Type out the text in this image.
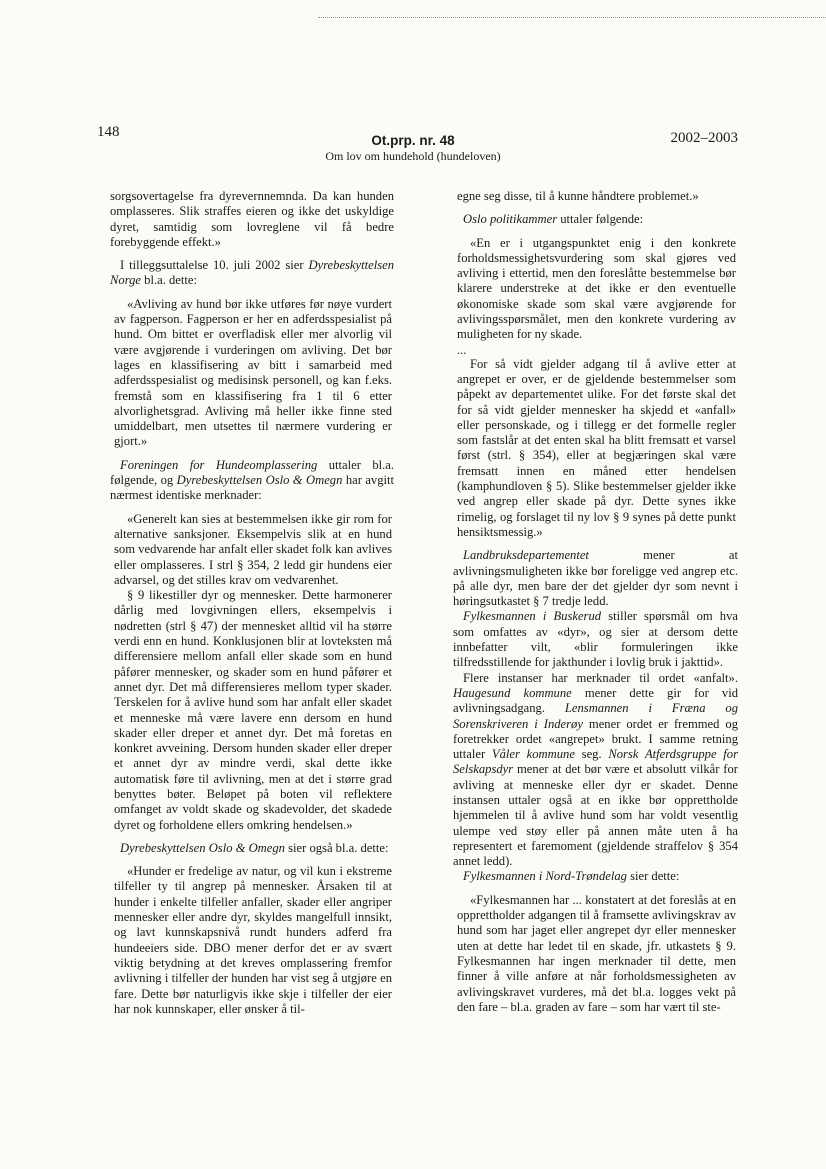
148
Ot.prp. nr. 48
Om lov om hundehold (hundeloven)
2002–2003

sorgsovertagelse fra dyrevernnemnda. Da kan hunden omplasseres. Slik straffes eieren og ikke det uskyldige dyret, samtidig som lovreglene vil få bedre forebyggende effekt.»

I tilleggsuttalelse 10. juli 2002 sier Dyrebeskyttelsen Norge bl.a. dette:

«Avliving av hund bør ikke utføres før nøye vurdert av fagperson. Fagperson er her en adferdsspesialist på hund. Om bittet er overfladisk eller mer alvorlig vil være avgjørende i vurderingen om avliving. Det bør lages en klassifisering av bitt i samarbeid med adferdsspesialist og medisinsk personell, og kan f.eks. fremstå som en klassifisering fra 1 til 6 etter alvorlighetsgrad. Avliving må heller ikke finne sted umiddelbart, men utsettes til nærmere vurdering er gjort.»

Foreningen for Hundeomplassering uttaler bl.a. følgende, og Dyrebeskyttelsen Oslo & Omegn har avgitt nærmest identiske merknader:

«Generelt kan sies at bestemmelsen ikke gir rom for alternative sanksjoner. Eksempelvis slik at en hund som vedvarende har anfalt eller skadet folk kan avlives eller omplasseres. I strl § 354, 2 ledd gir hundens eier advarsel, og det stilles krav om vedvarenhet.

§ 9 likestiller dyr og mennesker. Dette harmonerer dårlig med lovgivningen ellers, eksempelvis i nødretten (strl § 47) der mennesket alltid vil ha større verdi enn en hund. Konklusjonen blir at lovteksten må differensiere mellom anfall eller skade som en hund påfører mennesker, og skader som en hund påfører et annet dyr. Det må differensieres mellom typer skader. Terskelen for å avlive hund som har anfalt eller skadet et menneske må være lavere enn dersom en hund skader eller dreper et annet dyr. Det må foretas en konkret avveining. Dersom hunden skader eller dreper et annet dyr av mindre verdi, skal dette ikke automatisk føre til avlivning, men at det i større grad benyttes bøter. Beløpet på boten vil reflektere omfanget av voldt skade og skadevolder, det skadede dyret og forholdene ellers omkring hendelsen.»

Dyrebeskyttelsen Oslo & Omegn sier også bl.a. dette:

«Hunder er fredelige av natur, og vil kun i ekstreme tilfeller ty til angrep på mennesker. Årsaken til at hunder i enkelte tilfeller anfaller, skader eller angriper mennesker eller andre dyr, skyldes mangelfull innsikt, og lavt kunnskapsnivå rundt hunders adferd fra hundeeiers side. DBO mener derfor det er av svært viktig betydning at det kreves omplassering fremfor avlivning i tilfeller der hunden har vist seg å utgjøre en fare. Dette bør naturligvis ikke skje i tilfeller der eier har nok kunnskaper, eller ønsker å til-

egne seg disse, til å kunne håndtere problemet.»

Oslo politikammer uttaler følgende:

«En er i utgangspunktet enig i den konkrete forholdsmessighetsvurdering som skal gjøres ved avliving i ettertid, men den foreslåtte bestemmelse bør klarere understreke at det ikke er den eventuelle økonomiske skade som skal være avgjørende for avlivingsspørsmålet, men den konkrete vurdering av muligheten for ny skade.

...

For så vidt gjelder adgang til å avlive etter at angrepet er over, er de gjeldende bestemmelser som påpekt av departementet ulike. For det første skal det for så vidt gjelder mennesker ha skjedd et «anfall» eller personskade, og i tillegg er det formelle regler som fastslår at det enten skal ha blitt fremsatt et varsel først (strl. § 354), eller at begjæringen skal være fremsatt innen en måned etter hendelsen (kamphundloven § 5). Slike bestemmelser gjelder ikke ved angrep eller skade på dyr. Dette synes ikke rimelig, og forslaget til ny lov § 9 synes på dette punkt hensiktsmessig.»

Landbruksdepartementet mener at avlivningsmuligheten ikke bør foreligge ved angrep etc. på alle dyr, men bare der det gjelder dyr som nevnt i høringsutkastet § 7 tredje ledd.

Fylkesmannen i Buskerud stiller spørsmål om hva som omfattes av «dyr», og sier at dersom dette innbefatter vilt, «blir formuleringen ikke tilfredsstillende for jakthunder i lovlig bruk i jakttid».

Flere instanser har merknader til ordet «anfalt». Haugesund kommune mener dette gir for vid avlivningsadgang. Lensmannen i Fræna og Sorenskriveren i Inderøy mener ordet er fremmed og foretrekker ordet «angrepet» brukt. I samme retning uttaler Våler kommune seg. Norsk Atferdsgruppe for Selskapsdyr mener at det bør være et absolutt vilkår for avliving at menneske eller dyr er skadet. Denne instansen uttaler også at en ikke bør opprettholde hjemmelen til å avlive hund som har voldt vesentlig ulempe ved støy eller på annen måte uten å ha representert et faremoment (gjeldende straffelov § 354 annet ledd).

Fylkesmannen i Nord-Trøndelag sier dette:

«Fylkesmannen har ... konstatert at det foreslås at en opprettholder adgangen til å framsette avlivingskrav av hund som har jaget eller angrepet dyr eller mennesker uten at dette har ledet til en skade, jfr. utkastets § 9. Fylkesmannen har ingen merknader til dette, men finner å ville anføre at når forholdsmessigheten av avlivingskravet vurderes, må det bl.a. logges vekt på den fare – bl.a. graden av fare – som har vært til ste-
